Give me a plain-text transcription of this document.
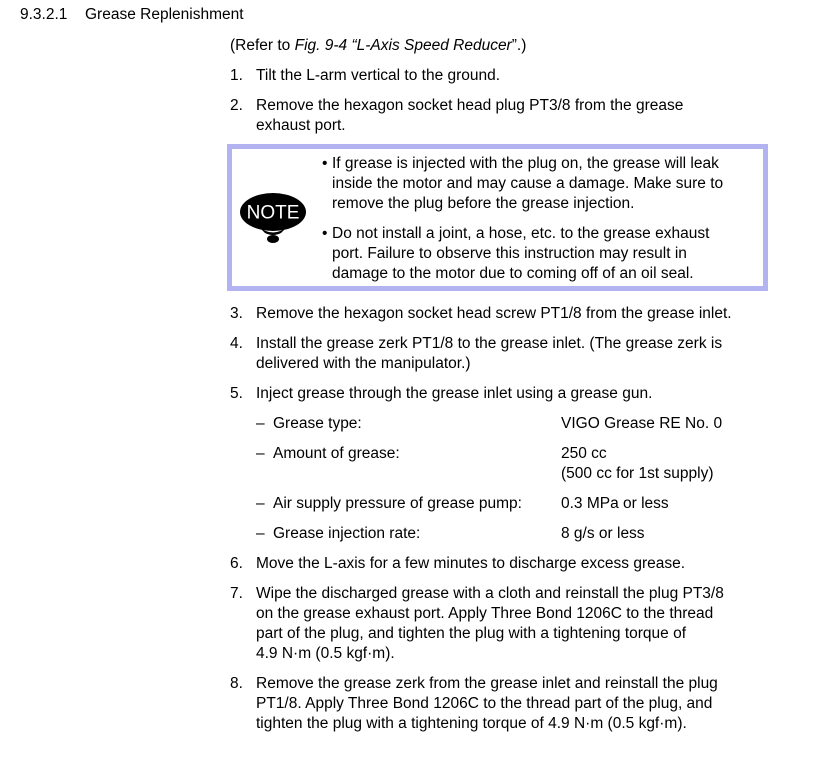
9.3.2.1 Grease Replenishment
(Refer to Fig. 9-4 “L-Axis Speed Reducer”.)
1. Tilt the L-arm vertical to the ground.
2. Remove the hexagon socket head plug PT3/8 from the grease
exhaust port.
NOTE
• If grease is injected with the plug on, the grease will leak
inside the motor and may cause a damage. Make sure to
remove the plug before the grease injection.
• Do not install a joint, a hose, etc. to the grease exhaust
port. Failure to observe this instruction may result in
damage to the motor due to coming off of an oil seal.
3. Remove the hexagon socket head screw PT1/8 from the grease inlet.
4. Install the grease zerk PT1/8 to the grease inlet. (The grease zerk is
delivered with the manipulator.)
5. Inject grease through the grease inlet using a grease gun.
– Grease type:	VIGO Grease RE No. 0
– Amount of grease:	250 cc
(500 cc for 1st supply)
– Air supply pressure of grease pump:	0.3 MPa or less
– Grease injection rate:	8 g/s or less
6. Move the L-axis for a few minutes to discharge excess grease.
7. Wipe the discharged grease with a cloth and reinstall the plug PT3/8
on the grease exhaust port. Apply Three Bond 1206C to the thread
part of the plug, and tighten the plug with a tightening torque of
4.9 N·m (0.5 kgf·m).
8. Remove the grease zerk from the grease inlet and reinstall the plug
PT1/8. Apply Three Bond 1206C to the thread part of the plug, and
tighten the plug with a tightening torque of 4.9 N·m (0.5 kgf·m).
